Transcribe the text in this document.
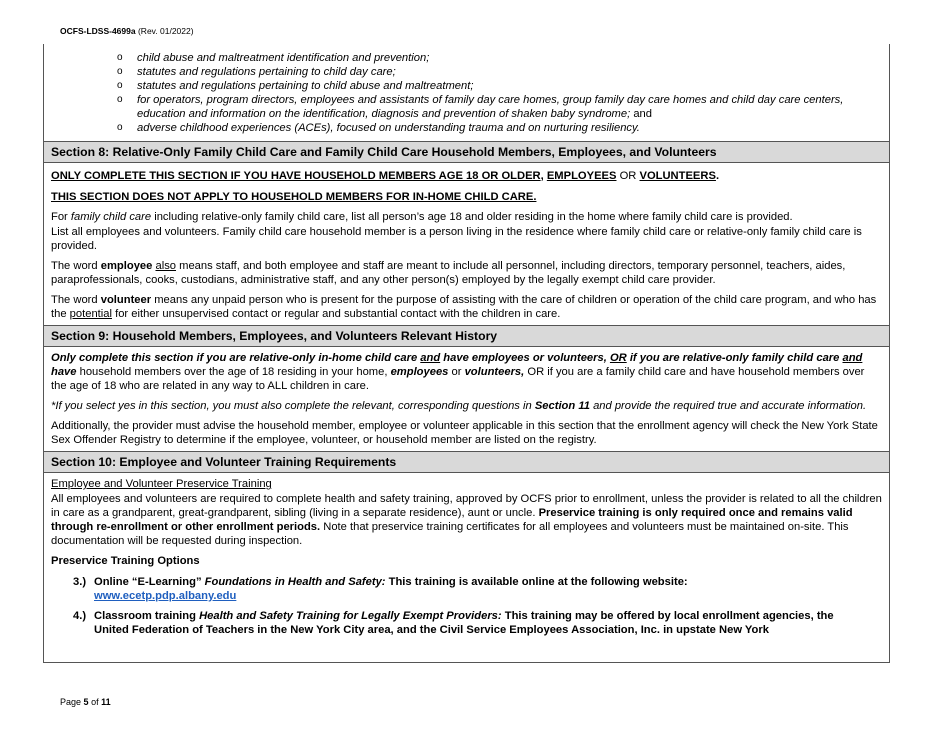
OCFS-LDSS-4699a (Rev. 01/2022)
o child abuse and maltreatment identification and prevention;
o statutes and regulations pertaining to child day care;
o statutes and regulations pertaining to child abuse and maltreatment;
o for operators, program directors, employees and assistants of family day care homes, group family day care homes and child day care centers, education and information on the identification, diagnosis and prevention of shaken baby syndrome; and
o adverse childhood experiences (ACEs), focused on understanding trauma and on nurturing resiliency.
Section 8: Relative-Only Family Child Care and Family Child Care Household Members, Employees, and Volunteers

ONLY COMPLETE THIS SECTION IF YOU HAVE HOUSEHOLD MEMBERS AGE 18 OR OLDER, EMPLOYEES OR VOLUNTEERS.

THIS SECTION DOES NOT APPLY TO HOUSEHOLD MEMBERS FOR IN-HOME CHILD CARE.

For family child care including relative-only family child care, list all person’s age 18 and older residing in the home where family child care is provided.

List all employees and volunteers. Family child care household member is a person living in the residence where family child care or relative-only family child care is provided.

The word employee also means staff, and both employee and staff are meant to include all personnel, including directors, temporary personnel, teachers, aides, paraprofessionals, cooks, custodians, administrative staff, and any other person(s) employed by the legally exempt child care provider.

The word volunteer means any unpaid person who is present for the purpose of assisting with the care of children or operation of the child care program, and who has the potential for either unsupervised contact or regular and substantial contact with the children in care.

Section 9: Household Members, Employees, and Volunteers Relevant History

Only complete this section if you are relative-only in-home child care and have employees or volunteers, OR if you are relative-only family child care and have household members over the age of 18 residing in your home, employees or volunteers, OR if you are a family child care and have household members over the age of 18 who are related in any way to ALL children in care.

*If you select yes in this section, you must also complete the relevant, corresponding questions in Section 11 and provide the required true and accurate information.

Additionally, the provider must advise the household member, employee or volunteer applicable in this section that the enrollment agency will check the New York State Sex Offender Registry to determine if the employee, volunteer, or household member are listed on the registry.

Section 10: Employee and Volunteer Training Requirements

Employee and Volunteer Preservice Training

All employees and volunteers are required to complete health and safety training, approved by OCFS prior to enrollment, unless the provider is related to all the children in care as a grandparent, great-grandparent, sibling (living in a separate residence), aunt or uncle. Preservice training is only required once and remains valid through re-enrollment or other enrollment periods. Note that preservice training certificates for all employees and volunteers must be maintained on-site. This documentation will be requested during inspection.

Preservice Training Options

3.) Online “E-Learning” Foundations in Health and Safety: This training is available online at the following website:
www.ecetp.pdp.albany.edu
4.) Classroom training Health and Safety Training for Legally Exempt Providers: This training may be offered by local enrollment agencies, the United Federation of Teachers in the New York City area, and the Civil Service Employees Association, Inc. in upstate New York
Page 5 of 11
